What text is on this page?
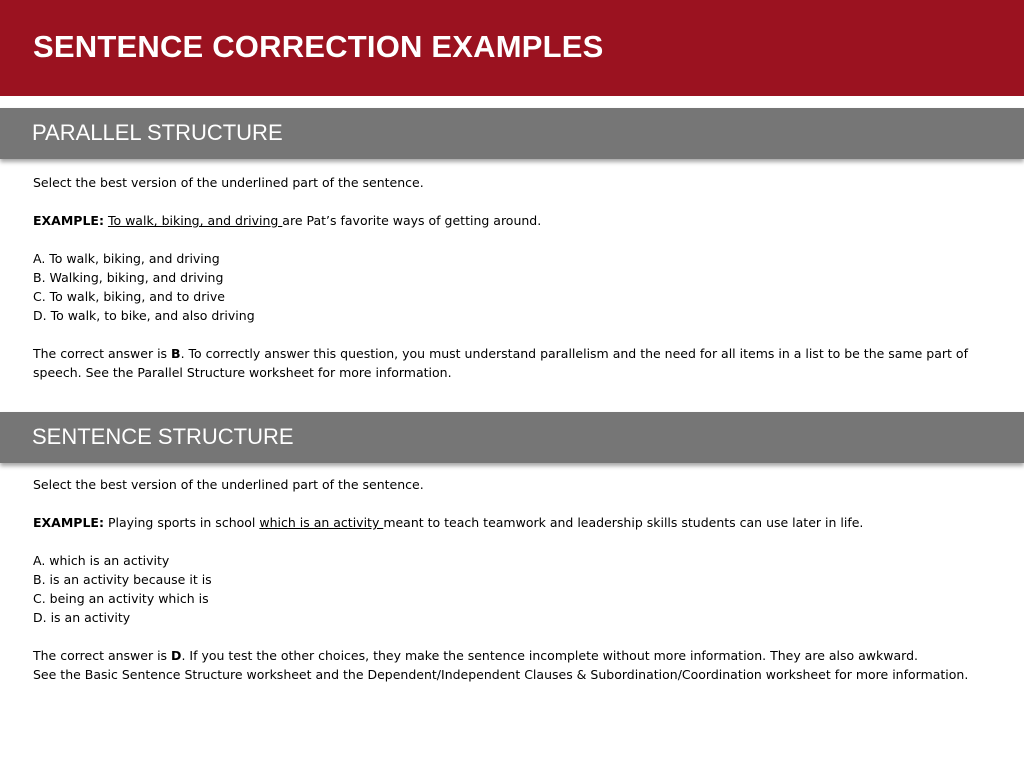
SENTENCE CORRECTION EXAMPLES
PARALLEL STRUCTURE

Select the best version of the underlined part of the sentence.

EXAMPLE: To walk, biking, and driving are Pat’s favorite ways of getting around.

A. To walk, biking, and driving

B. Walking, biking, and driving

C. To walk, biking, and to drive

D. To walk, to bike, and also driving

The correct answer is B. To correctly answer this question, you must understand parallelism and the need for all items in a list to be the same part of speech. See the Parallel Structure worksheet for more information.

SENTENCE STRUCTURE

Select the best version of the underlined part of the sentence.

EXAMPLE: Playing sports in school which is an activity meant to teach teamwork and leadership skills students can use later in life.

A. which is an activity

B. is an activity because it is

C. being an activity which is

D. is an activity

The correct answer is D. If you test the other choices, they make the sentence incomplete without more information. They are also awkward.

See the Basic Sentence Structure worksheet and the Dependent/Independent Clauses & Subordination/Coordination worksheet for more information.
